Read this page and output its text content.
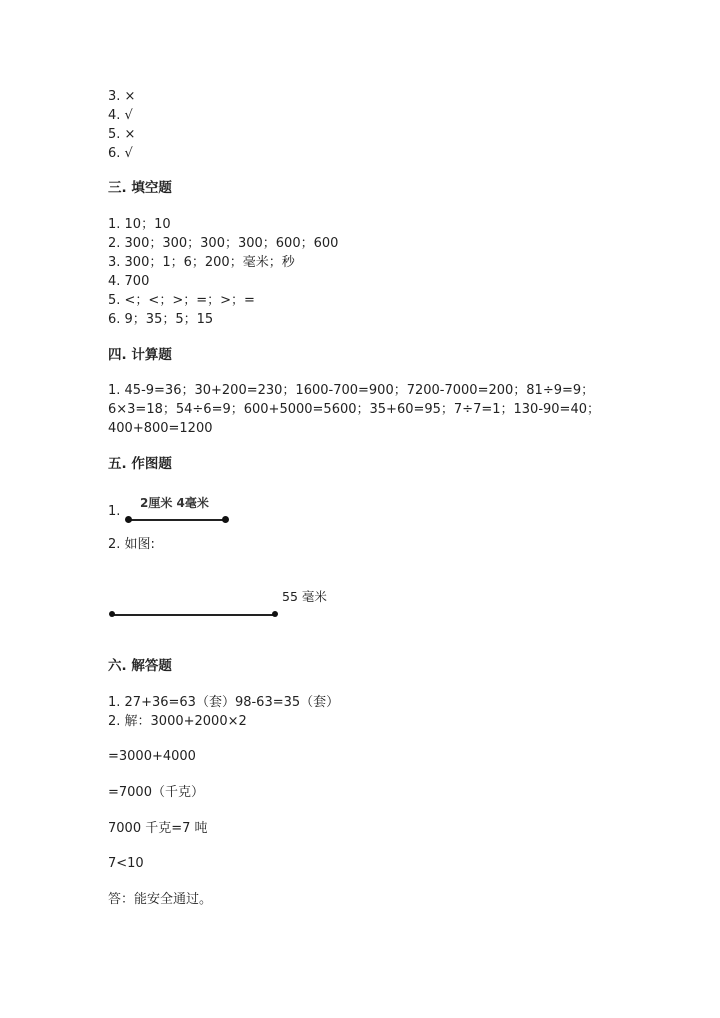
3. ×
4. √
5. ×
6. √
三. 填空题
1. 10；10
2. 300；300；300；300；600；600
3. 300；1；6；200；毫米；秒
4. 700
5. <；<；>；=；>；=
6. 9；35；5；15
四. 计算题
1. 45-9=36；30+200=230；1600-700=900；7200-7000=200；81÷9=9；
6×3=18；54÷6=9；600+5000=5600；35+60=95；7÷7=1；130-90=40；
400+800=1200
五. 作图题
1.
2厘米 4毫米
2. 如图:
55 毫米
六. 解答题
1. 27+36=63（套）98-63=35（套）
2. 解：3000+2000×2
=3000+4000
=7000（千克）
7000 千克=7 吨
7<10
答：能安全通过。
